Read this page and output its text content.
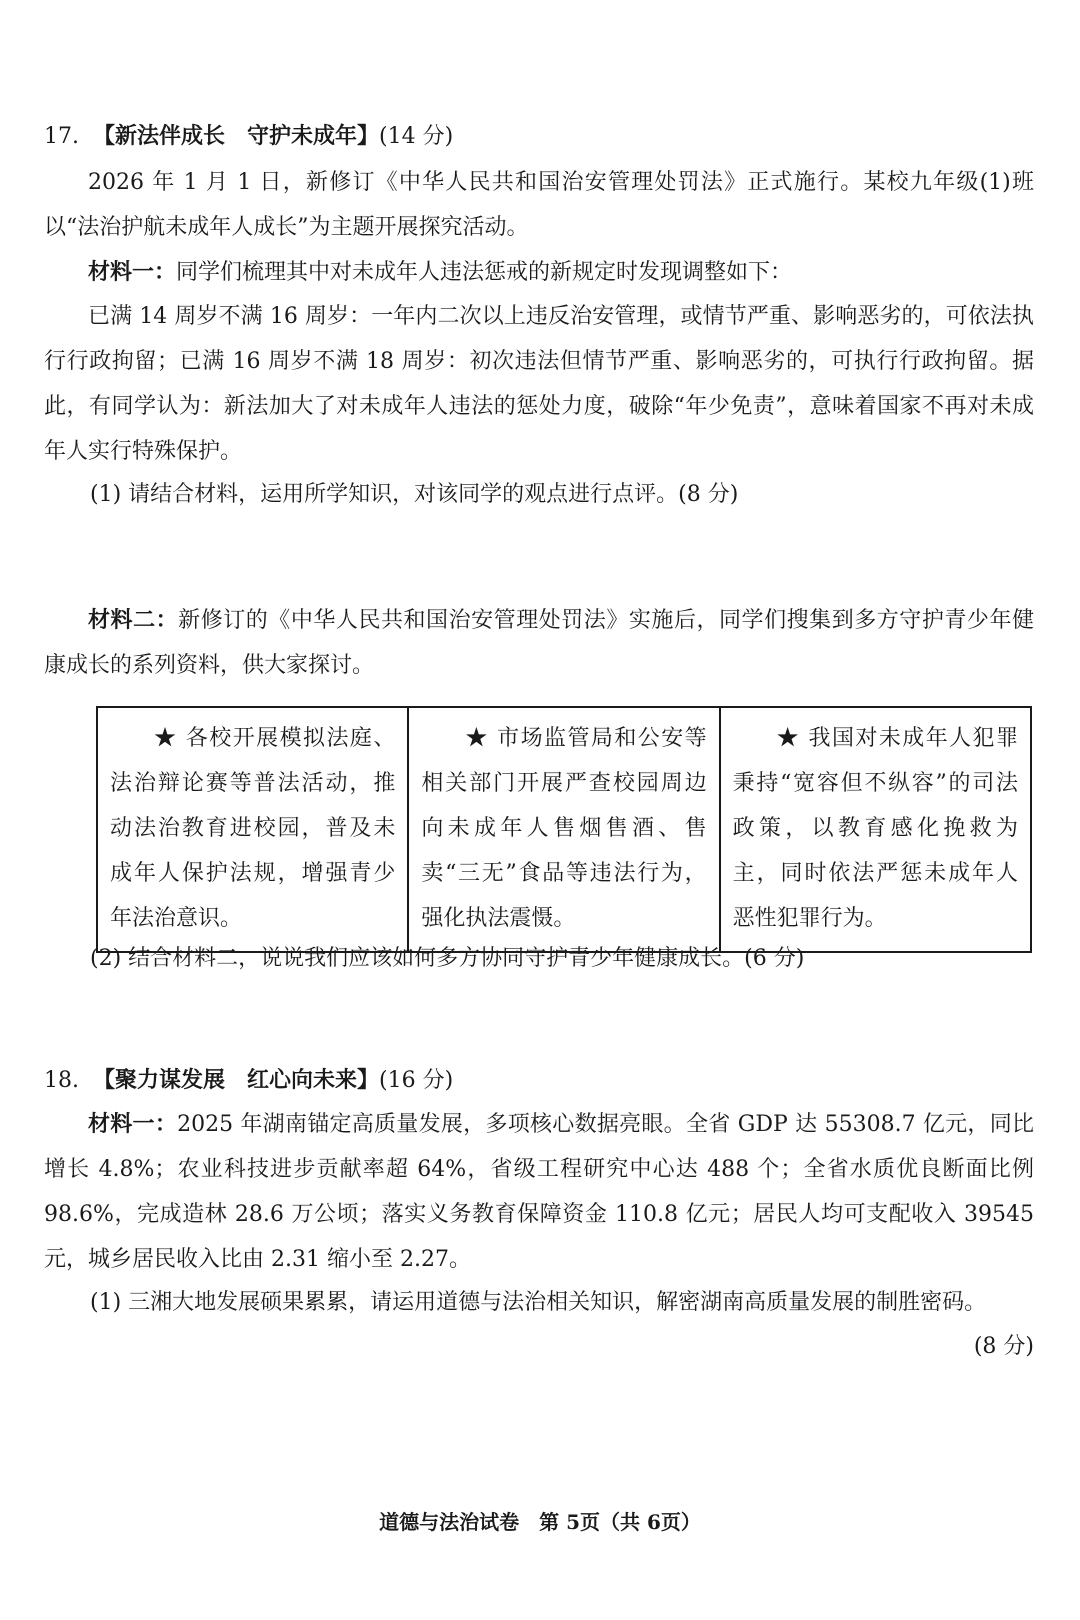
17. 【新法伴成长　守护未成年】(14 分)
2026 年 1 月 1 日，新修订《中华人民共和国治安管理处罚法》正式施行。某校九年级(1)班以“法治护航未成年人成长”为主题开展探究活动。
材料一：同学们梳理其中对未成年人违法惩戒的新规定时发现调整如下：
已满 14 周岁不满 16 周岁：一年内二次以上违反治安管理，或情节严重、影响恶劣的，可依法执行行政拘留；已满 16 周岁不满 18 周岁：初次违法但情节严重、影响恶劣的，可执行行政拘留。据此，有同学认为：新法加大了对未成年人违法的惩处力度，破除“年少免责”，意味着国家不再对未成年人实行特殊保护。
(1) 请结合材料，运用所学知识，对该同学的观点进行点评。(8 分)
材料二：新修订的《中华人民共和国治安管理处罚法》实施后，同学们搜集到多方守护青少年健康成长的系列资料，供大家探讨。
★ 各校开展模拟法庭、法治辩论赛等普法活动，推动法治教育进校园，普及未成年人保护法规，增强青少年法治意识。	★ 市场监管局和公安等相关部门开展严查校园周边向未成年人售烟售酒、售卖“三无”食品等违法行为，强化执法震慑。	★ 我国对未成年人犯罪秉持“宽容但不纵容”的司法政策，以教育感化挽救为主，同时依法严惩未成年人恶性犯罪行为。
(2) 结合材料二，说说我们应该如何多方协同守护青少年健康成长。(6 分)
18. 【聚力谋发展　红心向未来】(16 分)
材料一：2025 年湖南锚定高质量发展，多项核心数据亮眼。全省 GDP 达 55308.7 亿元，同比增长 4.8%；农业科技进步贡献率超 64%，省级工程研究中心达 488 个；全省水质优良断面比例 98.6%，完成造林 28.6 万公顷；落实义务教育保障资金 110.8 亿元；居民人均可支配收入 39545 元，城乡居民收入比由 2.31 缩小至 2.27。
(1) 三湘大地发展硕果累累，请运用道德与法治相关知识，解密湖南高质量发展的制胜密码。
(8 分)
道德与法治试卷　第 5页（共 6页）
